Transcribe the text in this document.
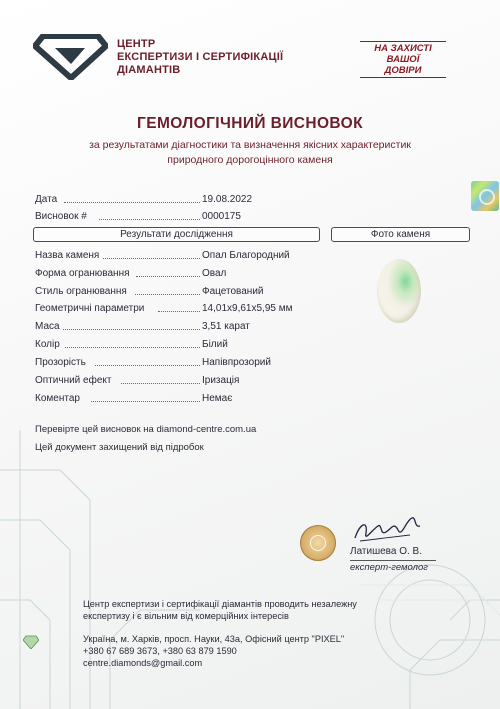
ЦЕНТР
ЕКСПЕРТИЗИ І СЕРТИФІКАЦІЇ
ДІАМАНТІВ
НА ЗАХИСТІ
ВАШОЇ
ДОВІРИ
ГЕМОЛОГІЧНИЙ ВИСНОВОК
за результатами діагностики та визначення якісних характеристик
природного дорогоцінного каменя
Дата	19.08.2022
Висновок #	0000175
Результати дослідження	Фото каменя
Назва каменя	Опал Благородний
Форма огранювання	Овал
Стиль огранювання	Фацетований
Геометричні параметри	14,01x9,61x5,95 мм
Маса	3,51 карат
Колір	Білий
Прозорість	Напівпрозорий
Оптичний ефект	Іризація
Коментар	Немає
Перевірте цей висновок на diamond-centre.com.ua
Цей документ захищений від підробок
Латишева О. В.
експерт-гемолог
Центр експертизи і сертифікації діамантів проводить незалежну
експертизу і є вільним від комерційних інтересів
Україна, м. Харків, просп. Науки, 43а, Офісний центр "PIXEL"
+380 67 689 3673, +380 63 879 1590
centre.diamonds@gmail.com
